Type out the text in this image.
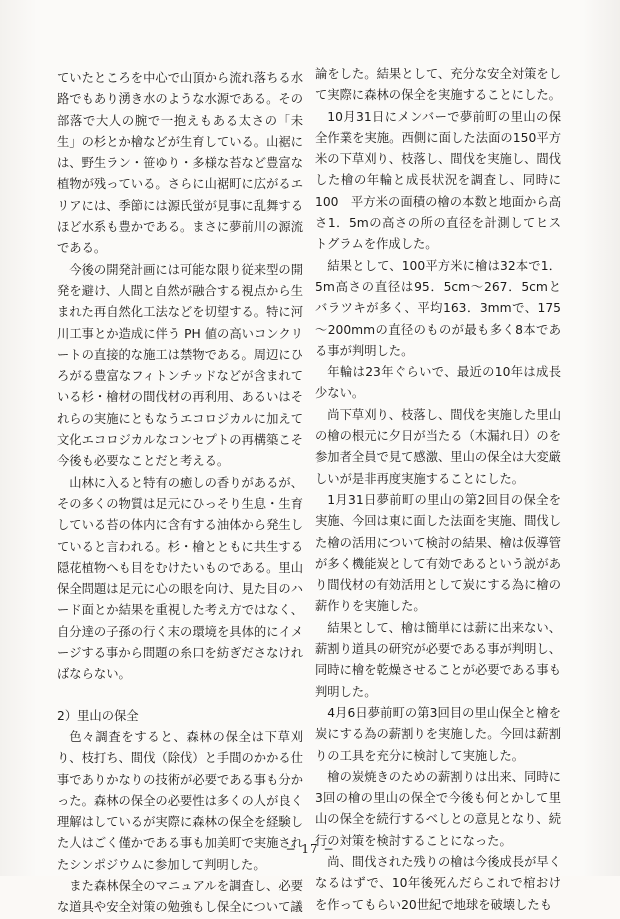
ていたところを中心で山頂から流れ落ちる水路でもあり湧き水のような水源である。その部落で大人の腕で一抱えもある太さの「未生」の杉とか檜などが生育している。山裾には、野生ラン・笹ゆり・多様な苔など豊富な植物が残っている。さらに山裾町に広がるエリアには、季節には源氏蛍が見事に乱舞するほど水系も豊かである。まさに夢前川の源流である。

今後の開発計画には可能な限り従来型の開発を避け、人間と自然が融合する視点から生まれた再自然化工法などを切望する。特に河川工事とか造成に伴う PH 値の高いコンクリートの直接的な施工は禁物である。周辺にひろがる豊富なフィトンチッドなどが含まれている杉・檜材の間伐材の再利用、あるいはそれらの実施にともなうエコロジカルに加えて文化エコロジカルなコンセプトの再構築こそ今後も必要なことだと考える。

山林に入ると特有の癒しの香りがあるが、その多くの物質は足元にひっそり生息・生育している苔の体内に含有する油体から発生していると言われる。杉・檜とともに共生する隠花植物へも目をむけたいものである。里山保全問題は足元に心の眼を向け、見た目のハード面とか結果を重視した考え方ではなく、自分達の子孫の行く末の環境を具体的にイメージする事から問題の糸口を紡ぎださなければならない。

2）里山の保全

色々調査をすると、森林の保全は下草刈り、枝打ち、間伐（除伐）と手間のかかる仕事でありかなりの技術が必要である事も分かった。森林の保全の必要性は多くの人が良く理解はしているが実際に森林の保全を経験した人はごく僅かである事も加美町で実施されたシンポジウムに参加して判明した。

また森林保全のマニュアルを調査し、必要な道具や安全対策の勉強もし保全について議

論をした。結果として、充分な安全対策をして実際に森林の保全を実施することにした。

10月31日にメンバーで夢前町の里山の保全作業を実施。西側に面した法面の150平方米の下草刈り、枝落し、間伐を実施し、間伐した檜の年輪と成長状況を調査し、同時に100　平方米の面積の檜の本数と地面から高さ1．5mの高さの所の直径を計測してヒストグラムを作成した。

結果として、100平方米に檜は32本で1．5m高さの直径は95．5cm～267．5cmとバラツキが多く、平均163．3mmで、175～200mmの直径のものが最も多く8本である事が判明した。

年輪は23年ぐらいで、最近の10年は成長少ない。

尚下草刈り、枝落し、間伐を実施した里山の檜の根元に夕日が当たる（木漏れ日）のを参加者全員で見て感激、里山の保全は大変厳しいが是非再度実施することにした。

1月31日夢前町の里山の第2回目の保全を実施、今回は東に面した法面を実施、間伐した檜の活用について検討の結果、檜は仮導管が多く機能炭として有効であるという説があり間伐材の有効活用として炭にする為に檜の薪作りを実施した。

結果として、檜は簡単には薪に出来ない、薪割り道具の研究が必要である事が判明し、同時に檜を乾燥させることが必要である事も判明した。

4月6日夢前町の第3回目の里山保全と檜を炭にする為の薪割りを実施した。今回は薪割りの工具を充分に検討して実施した。

檜の炭焼きのための薪割りは出来、同時に3回の檜の里山の保全で今後も何とかして里山の保全を続行するべしとの意見となり、続行の対策を検討することになった。

尚、間伐された残りの檜は今後成長が早くなるはずで、10年後死んだらこれで棺おけを作ってもらい20世紀で地球を破壊したも

− 17 −
